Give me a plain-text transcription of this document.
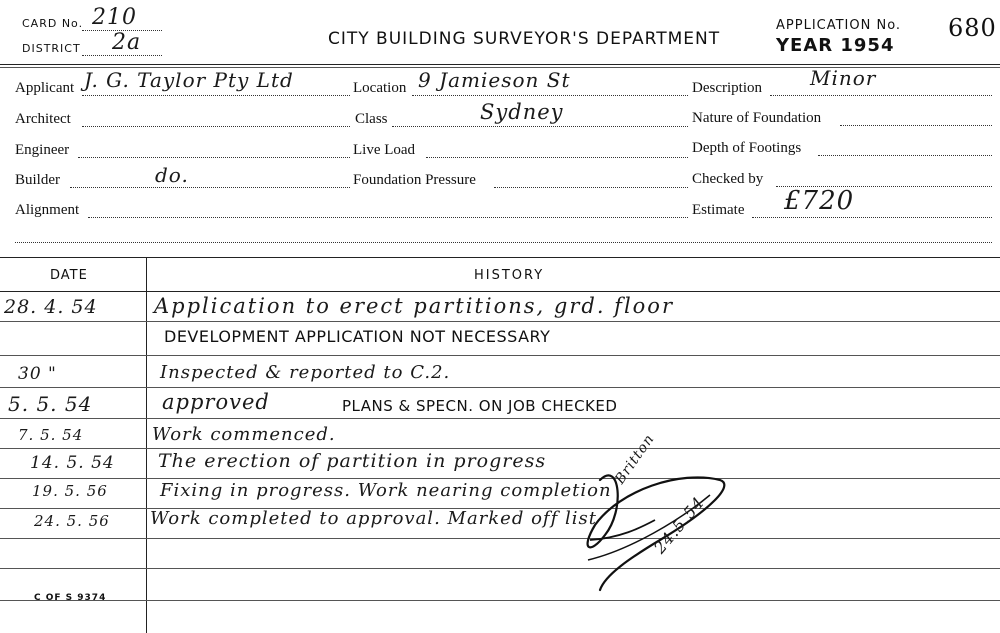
CARD No. 210
DISTRICT 2a	CITY BUILDING SURVEYOR'S DEPARTMENT
APPLICATION No. 680
YEAR 1954
Applicant J. G. Taylor Pty Ltd
Architect
Engineer
Builder	do.
Alignment
Location 9 Jamieson St
Class	Sydney
Live Load
Foundation Pressure
Description Minor
Nature of Foundation
Depth of Footings
Checked by
Estimate £720
DATE	HISTORY
28. 4. 54	Application to erect partitions, grd. floor
DEVELOPMENT APPLICATION NOT NECESSARY
30 "	Inspected & reported to C.2.
5. 5. 54	approved	PLANS & SPECN. ON JOB CHECKED
7. 5. 54	Work commenced.
14. 5. 54 The erection of partition in progress
19. 5. 56	Fixing in progress. Work nearing completion
24. 5. 56 Work completed to approval. Marked off list
Britton
24.5.54
C OF S 9374
